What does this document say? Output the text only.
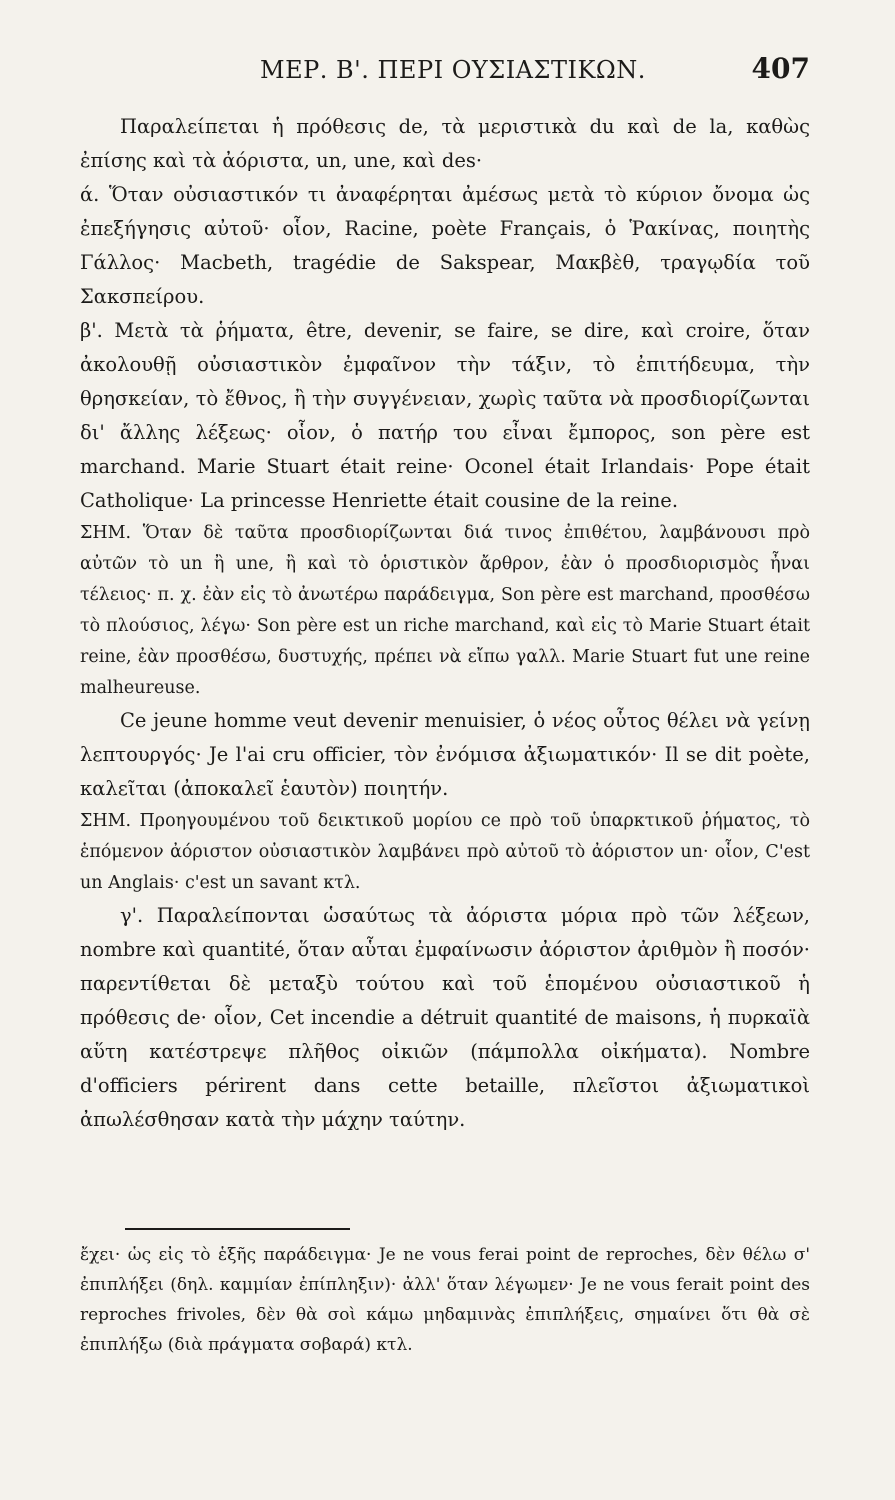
ΜΕΡ. Β'. ΠΕΡΙ ΟΥΣΙΑΣΤΙΚΩΝ.	407

Παραλείπεται ἡ πρόθεσις de, τὰ μεριστικὰ du καὶ de la, καθὼς ἐπίσης καὶ τὰ ἀόριστα, un, une, καὶ des·

ά. Ὅταν οὐσιαστικόν τι ἀναφέρηται ἀμέσως μετὰ τὸ κύριον ὄνομα ὡς ἐπεξήγησις αὐτοῦ· οἷον, Racine, poète Français, ὁ Ῥακίνας, ποιητὴς Γάλλος· Macbeth, tragédie de Sakspear, Μακβὲθ, τραγῳδία τοῦ Σακσπείρου.

β'. Μετὰ τὰ ῥήματα, être, devenir, se faire, se dire, καὶ croire, ὅταν ἀκολουθῇ οὐσιαστικὸν ἐμφαῖνον τὴν τάξιν, τὸ ἐπιτήδευμα, τὴν θρησκείαν, τὸ ἔθνος, ἢ τὴν συγγένειαν, χωρὶς ταῦτα νὰ προσδιορίζωνται δι' ἄλλης λέξεως· οἷον, ὁ πατήρ του εἶναι ἔμπορος, son père est marchand. Marie Stuart était reine· Oconel était Irlandais· Pope était Catholique· La princesse Henriette était cousine de la reine.

ΣΗΜ. Ὅταν δὲ ταῦτα προσδιορίζωνται διά τινος ἐπιθέτου, λαμβάνουσι πρὸ αὐτῶν τὸ un ἢ une, ἢ καὶ τὸ ὁριστικὸν ἄρθρον, ἐὰν ὁ προσδιορισμὸς ἦναι τέλειος· π. χ. ἐὰν εἰς τὸ ἀνωτέρω παράδειγμα, Son père est marchand, προσθέσω τὸ πλούσιος, λέγω· Son père est un riche marchand, καὶ εἰς τὸ Marie Stuart était reine, ἐὰν προσθέσω, δυστυχής, πρέπει νὰ εἴπω γαλλ. Marie Stuart fut une reine malheureuse.

Ce jeune homme veut devenir menuisier, ὁ νέος οὗτος θέλει νὰ γείνῃ λεπτουργός· Je l'ai cru officier, τὸν ἐνόμισα ἀξιωματικόν· Il se dit poète, καλεῖται (ἀποκαλεῖ ἑαυτὸν) ποιητήν.

ΣΗΜ. Προηγουμένου τοῦ δεικτικοῦ μορίου ce πρὸ τοῦ ὑπαρκτικοῦ ῥήματος, τὸ ἑπόμενον ἀόριστον οὐσιαστικὸν λαμβάνει πρὸ αὐτοῦ τὸ ἀόριστον un· οἷον, C'est un Anglais· c'est un savant κτλ.

γ'. Παραλείπονται ὡσαύτως τὰ ἀόριστα μόρια πρὸ τῶν λέξεων, nombre καὶ quantité, ὅταν αὗται ἐμφαίνωσιν ἀόριστον ἀριθμὸν ἢ ποσόν· παρεντίθεται δὲ μεταξὺ τούτου καὶ τοῦ ἑπομένου οὐσιαστικοῦ ἡ πρόθεσις de· οἷον, Cet incendie a détruit quantité de maisons, ἡ πυρκαϊὰ αὕτη κατέστρεψε πλῆθος οἰκιῶν (πάμπολλα οἰκήματα). Nombre d'officiers périrent dans cette betaille, πλεῖστοι ἀξιωματικοὶ ἀπωλέσθησαν κατὰ τὴν μάχην ταύτην.

ἔχει· ὡς εἰς τὸ ἑξῆς παράδειγμα· Je ne vous ferai point de reproches, δὲν θέλω σ' ἐπιπλήξει (δηλ. καμμίαν ἐπίπληξιν)· ἀλλ' ὅταν λέγωμεν· Je ne vous ferait point des reproches frivoles, δὲν θὰ σοὶ κάμω μηδαμινὰς ἐπιπλήξεις, σημαίνει ὅτι θὰ σὲ ἐπιπλήξω (διὰ πράγματα σοβαρά) κτλ.
